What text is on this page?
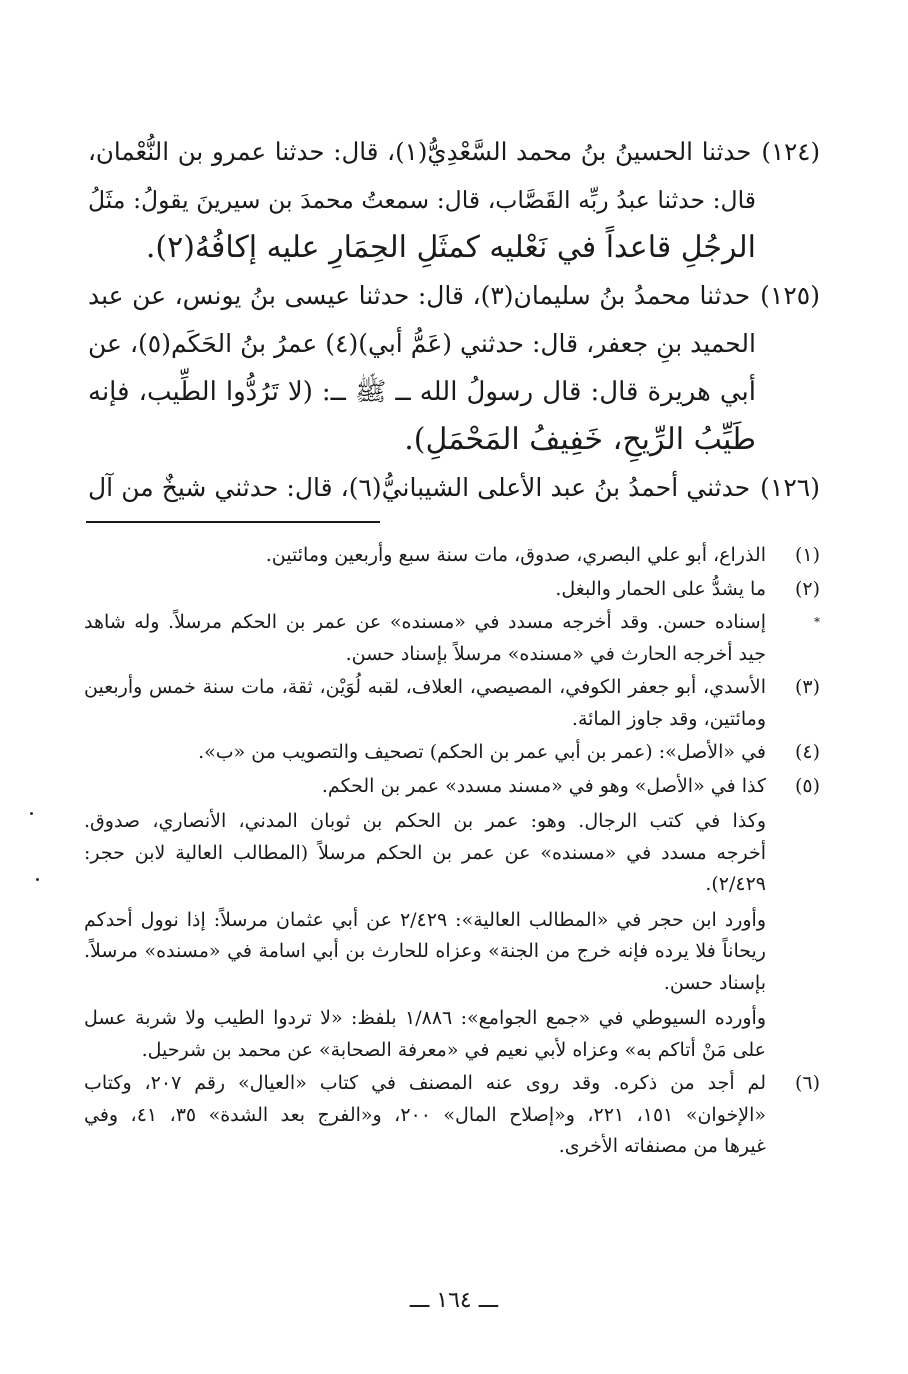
(١٢٤)حدثنا الحسينُ بنُ محمد السَّعْدِيُّ(١)، قال: حدثنا عمرو بن النُّعْمان،

قال: حدثنا عبدُ ربِّه القَصَّاب، قال: سمعتُ محمدَ بن سيرينَ يقولُ: مثَلُ

الرجُلِ قاعداً في نَعْليه كمثَلِ الحِمَارِ عليه إكافُهُ(٢).

(١٢٥)حدثنا محمدُ بنُ سليمان(٣)، قال: حدثنا عيسى بنُ يونس، عن عبد

الحميد بنِ جعفر، قال: حدثني (عَمُّ أبي)(٤) عمرُ بنُ الحَكَم(٥)، عن

أبي هريرة قال: قال رسولُ الله ــ ﷺ ــ: (لا تَرُدُّوا الطِّيب، فإنه

طَيِّبُ الرِّيحِ، خَفِيفُ المَحْمَلِ).

(١٢٦)حدثني أحمدُ بنُ عبد الأعلى الشيبانيُّ(٦)، قال: حدثني شيخٌ من آل

(١)

الذراع، أبو علي البصري، صدوق، مات سنة سبع وأربعين ومائتين.

(٢)

ما يشدُّ على الحمار والبغل.

*

إسناده حسن. وقد أخرجه مسدد في «مسنده» عن عمر بن الحكم مرسلاً. وله شاهد

جيد أخرجه الحارث في «مسنده» مرسلاً بإسناد حسن.

(٣)

الأسدي، أبو جعفر الكوفي، المصيصي، العلاف، لقبه لُوَيْن، ثقة، مات سنة خمس وأربعين

ومائتين، وقد جاوز المائة.

(٤)

في «الأصل»: (عمر بن أبي عمر بن الحكم) تصحيف والتصويب من «ب».

(٥)

كذا في «الأصل» وهو في «مسند مسدد» عمر بن الحكم.

وكذا في كتب الرجال. وهو: عمر بن الحكم بن ثوبان المدني، الأنصاري، صدوق.

أخرجه مسدد في «مسنده» عن عمر بن الحكم مرسلاً (المطالب العالية لابن حجر:

٢/٤٢٩).

وأورد ابن حجر في «المطالب العالية»: ٢/٤٢٩ عن أبي عثمان مرسلاً: إذا نوول أحدكم

ريحاناً فلا يرده فإنه خرج من الجنة» وعزاه للحارث بن أبي اسامة في «مسنده» مرسلاً.

بإسناد حسن.

وأورده السيوطي في «جمع الجوامع»: ١/٨٨٦ بلفظ: «لا تردوا الطيب ولا شربة عسل

على مَنْ أتاكم به» وعزاه لأبي نعيم في «معرفة الصحابة» عن محمد بن شرحيل.

(٦)

لم أجد من ذكره. وقد روى عنه المصنف في كتاب «العيال» رقم ٢٠٧، وكتاب

«الإخوان» ١٥١، ٢٢١، و«إصلاح المال» ٢٠٠، و«الفرج بعد الشدة» ٣٥، ٤١، وفي

غيرها من مصنفاته الأخرى.

ـــ ١٦٤ ـــ
